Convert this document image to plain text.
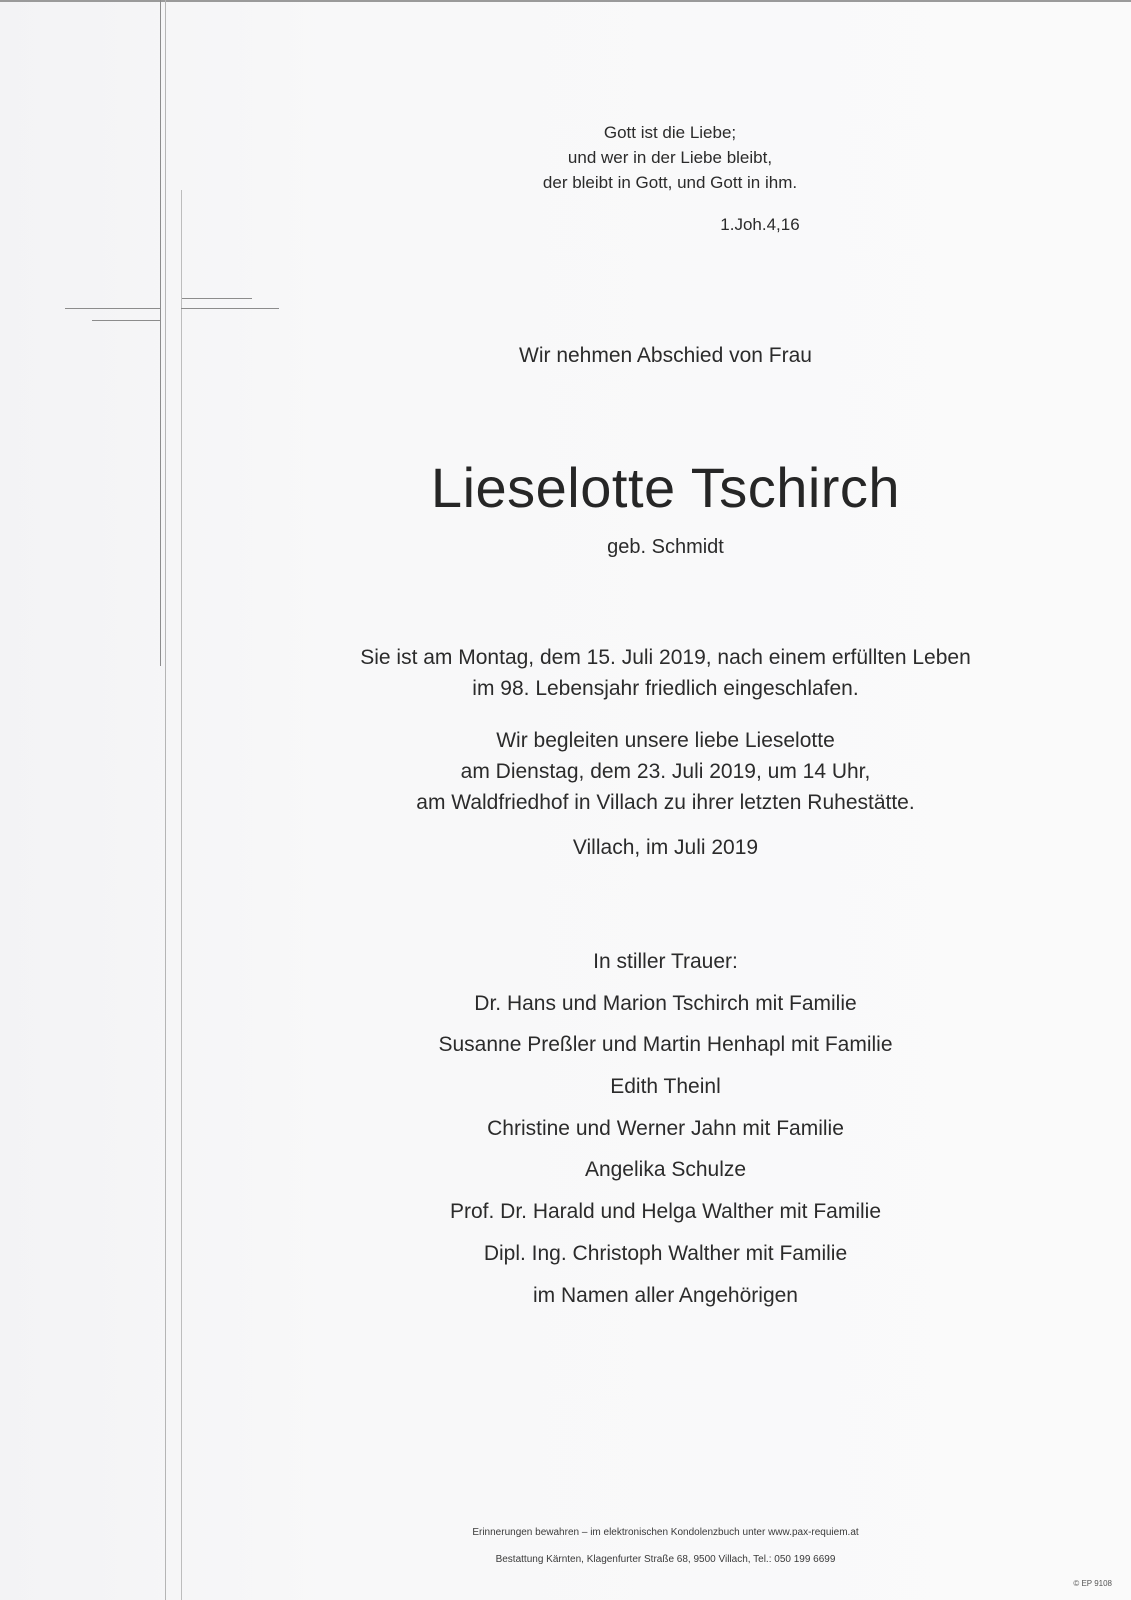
Gott ist die Liebe;
und wer in der Liebe bleibt,
der bleibt in Gott, und Gott in ihm.
1.Joh.4,16
Wir nehmen Abschied von Frau
Lieselotte Tschirch
geb. Schmidt
Sie ist am Montag, dem 15. Juli 2019, nach einem erfüllten Leben
im 98. Lebensjahr friedlich eingeschlafen.
Wir begleiten unsere liebe Lieselotte
am Dienstag, dem 23. Juli 2019, um 14 Uhr,
am Waldfriedhof in Villach zu ihrer letzten Ruhestätte.
Villach, im Juli 2019
In stiller Trauer:
Dr. Hans und Marion Tschirch mit Familie
Susanne Preßler und Martin Henhapl mit Familie
Edith Theinl
Christine und Werner Jahn mit Familie
Angelika Schulze
Prof. Dr. Harald und Helga Walther mit Familie
Dipl. Ing. Christoph Walther mit Familie
im Namen aller Angehörigen
Erinnerungen bewahren – im elektronischen Kondolenzbuch unter www.pax-requiem.at
Bestattung Kärnten, Klagenfurter Straße 68, 9500 Villach, Tel.: 050 199 6699
© EP 9108
